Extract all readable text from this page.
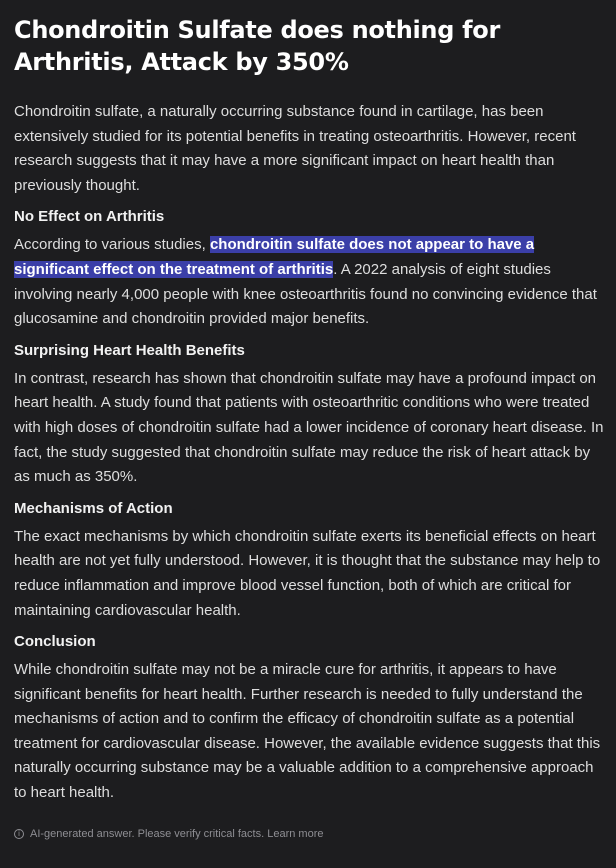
Chondroitin Sulfate does nothing for Arthritis, Attack by 350%

Chondroitin sulfate, a naturally occurring substance found in cartilage, has been extensively studied for its potential benefits in treating osteoarthritis. However, recent research suggests that it may have a more significant impact on heart health than previously thought.

No Effect on Arthritis

According to various studies, chondroitin sulfate does not appear to have a significant effect on the treatment of arthritis. A 2022 analysis of eight studies involving nearly 4,000 people with knee osteoarthritis found no convincing evidence that glucosamine and chondroitin provided major benefits.

Surprising Heart Health Benefits

In contrast, research has shown that chondroitin sulfate may have a profound impact on heart health. A study found that patients with osteoarthritic conditions who were treated with high doses of chondroitin sulfate had a lower incidence of coronary heart disease. In fact, the study suggested that chondroitin sulfate may reduce the risk of heart attack by as much as 350%.

Mechanisms of Action

The exact mechanisms by which chondroitin sulfate exerts its beneficial effects on heart health are not yet fully understood. However, it is thought that the substance may help to reduce inflammation and improve blood vessel function, both of which are critical for maintaining cardiovascular health.

Conclusion

While chondroitin sulfate may not be a miracle cure for arthritis, it appears to have significant benefits for heart health. Further research is needed to fully understand the mechanisms of action and to confirm the efficacy of chondroitin sulfate as a potential treatment for cardiovascular disease. However, the available evidence suggests that this naturally occurring substance may be a valuable addition to a comprehensive approach to heart health.

i AI-generated answer. Please verify critical facts. Learn more
